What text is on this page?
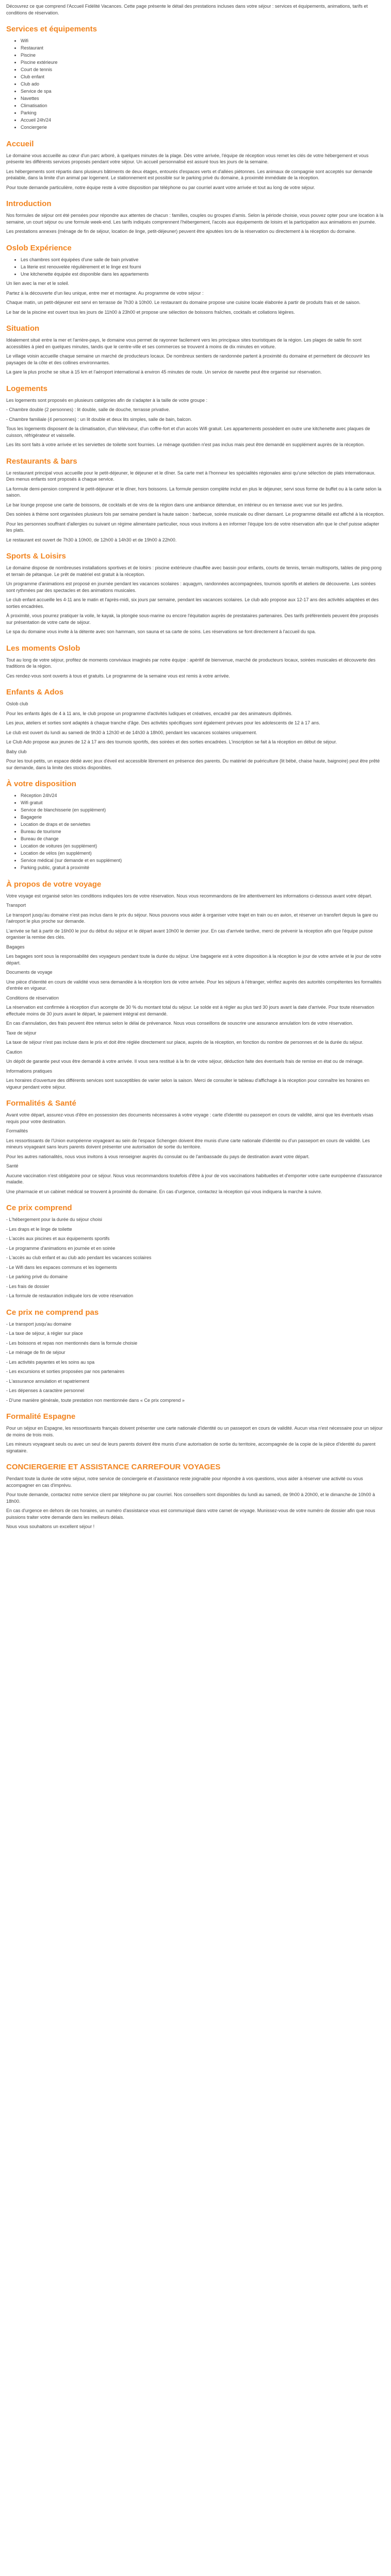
Découvrez ce que comprend l'Accueil Fidélité Vacances. Cette page présente le détail des prestations incluses dans votre séjour : services et équipements, animations, tarifs et conditions de réservation.

Services et équipements
• Wifi
• Restaurant
• Piscine
• Piscine extérieure
• Court de tennis
• Club enfant
• Club ado
• Service de spa
• Navettes
• Climatisation
• Parking
• Accueil 24h/24
• Conciergerie
Accueil

Le domaine vous accueille au cœur d'un parc arboré, à quelques minutes de la plage. Dès votre arrivée, l'équipe de réception vous remet les clés de votre hébergement et vous présente les différents services proposés pendant votre séjour. Un accueil personnalisé est assuré tous les jours de la semaine.

Les hébergements sont répartis dans plusieurs bâtiments de deux étages, entourés d'espaces verts et d'allées piétonnes. Les animaux de compagnie sont acceptés sur demande préalable, dans la limite d'un animal par logement. Le stationnement est possible sur le parking privé du domaine, à proximité immédiate de la réception.

Pour toute demande particulière, notre équipe reste à votre disposition par téléphone ou par courriel avant votre arrivée et tout au long de votre séjour.

Introduction

Nos formules de séjour ont été pensées pour répondre aux attentes de chacun : familles, couples ou groupes d'amis. Selon la période choisie, vous pouvez opter pour une location à la semaine, un court séjour ou une formule week-end. Les tarifs indiqués comprennent l'hébergement, l'accès aux équipements de loisirs et la participation aux animations en journée.

Les prestations annexes (ménage de fin de séjour, location de linge, petit-déjeuner) peuvent être ajoutées lors de la réservation ou directement à la réception du domaine.

Oslob Expérience
• Les chambres sont équipées d'une salle de bain privative
• La literie est renouvelée régulièrement et le linge est fourni
• Une kitchenette équipée est disponible dans les appartements

Un lien avec la mer et le soleil.

Partez à la découverte d'un lieu unique, entre mer et montagne. Au programme de votre séjour :

Chaque matin, un petit-déjeuner est servi en terrasse de 7h30 à 10h00. Le restaurant du domaine propose une cuisine locale élaborée à partir de produits frais et de saison.

Le bar de la piscine est ouvert tous les jours de 11h00 à 23h00 et propose une sélection de boissons fraîches, cocktails et collations légères.

Situation

Idéalement situé entre la mer et l'arrière-pays, le domaine vous permet de rayonner facilement vers les principaux sites touristiques de la région. Les plages de sable fin sont accessibles à pied en quelques minutes, tandis que le centre-ville et ses commerces se trouvent à moins de dix minutes en voiture.

Le village voisin accueille chaque semaine un marché de producteurs locaux. De nombreux sentiers de randonnée partent à proximité du domaine et permettent de découvrir les paysages de la côte et des collines environnantes.

La gare la plus proche se situe à 15 km et l'aéroport international à environ 45 minutes de route. Un service de navette peut être organisé sur réservation.

Logements

Les logements sont proposés en plusieurs catégories afin de s'adapter à la taille de votre groupe :

- Chambre double (2 personnes) : lit double, salle de douche, terrasse privative.

- Chambre familiale (4 personnes) : un lit double et deux lits simples, salle de bain, balcon.

Tous les logements disposent de la climatisation, d'un téléviseur, d'un coffre-fort et d'un accès Wifi gratuit. Les appartements possèdent en outre une kitchenette avec plaques de cuisson, réfrigérateur et vaisselle.

Les lits sont faits à votre arrivée et les serviettes de toilette sont fournies. Le ménage quotidien n'est pas inclus mais peut être demandé en supplément auprès de la réception.

Restaurants & bars

Le restaurant principal vous accueille pour le petit-déjeuner, le déjeuner et le dîner. Sa carte met à l'honneur les spécialités régionales ainsi qu'une sélection de plats internationaux. Des menus enfants sont proposés à chaque service.

La formule demi-pension comprend le petit-déjeuner et le dîner, hors boissons. La formule pension complète inclut en plus le déjeuner, servi sous forme de buffet ou à la carte selon la saison.

Le bar lounge propose une carte de boissons, de cocktails et de vins de la région dans une ambiance détendue, en intérieur ou en terrasse avec vue sur les jardins.

Des soirées à thème sont organisées plusieurs fois par semaine pendant la haute saison : barbecue, soirée musicale ou dîner dansant. Le programme détaillé est affiché à la réception.

Pour les personnes souffrant d'allergies ou suivant un régime alimentaire particulier, nous vous invitons à en informer l'équipe lors de votre réservation afin que le chef puisse adapter les plats.

Le restaurant est ouvert de 7h30 à 10h00, de 12h00 à 14h30 et de 19h00 à 22h00.

Sports & Loisirs

Le domaine dispose de nombreuses installations sportives et de loisirs : piscine extérieure chauffée avec bassin pour enfants, courts de tennis, terrain multisports, tables de ping-pong et terrain de pétanque. Le prêt de matériel est gratuit à la réception.

Un programme d'animations est proposé en journée pendant les vacances scolaires : aquagym, randonnées accompagnées, tournois sportifs et ateliers de découverte. Les soirées sont rythmées par des spectacles et des animations musicales.

Le club enfant accueille les 4-11 ans le matin et l'après-midi, six jours par semaine, pendant les vacances scolaires. Le club ado propose aux 12-17 ans des activités adaptées et des sorties encadrées.

À proximité, vous pourrez pratiquer la voile, le kayak, la plongée sous-marine ou encore l'équitation auprès de prestataires partenaires. Des tarifs préférentiels peuvent être proposés sur présentation de votre carte de séjour.

Le spa du domaine vous invite à la détente avec son hammam, son sauna et sa carte de soins. Les réservations se font directement à l'accueil du spa.

Les moments Oslob

Tout au long de votre séjour, profitez de moments conviviaux imaginés par notre équipe : apéritif de bienvenue, marché de producteurs locaux, soirées musicales et découverte des traditions de la région.

Ces rendez-vous sont ouverts à tous et gratuits. Le programme de la semaine vous est remis à votre arrivée.

Enfants & Ados

Oslob club

Pour les enfants âgés de 4 à 11 ans, le club propose un programme d'activités ludiques et créatives, encadré par des animateurs diplômés.

Les jeux, ateliers et sorties sont adaptés à chaque tranche d'âge. Des activités spécifiques sont également prévues pour les adolescents de 12 à 17 ans.

Le club est ouvert du lundi au samedi de 9h30 à 12h30 et de 14h30 à 18h00, pendant les vacances scolaires uniquement.

Le Club Ado propose aux jeunes de 12 à 17 ans des tournois sportifs, des soirées et des sorties encadrées. L'inscription se fait à la réception en début de séjour.

Baby club

Pour les tout-petits, un espace dédié avec jeux d'éveil est accessible librement en présence des parents. Du matériel de puériculture (lit bébé, chaise haute, baignoire) peut être prêté sur demande, dans la limite des stocks disponibles.

À votre disposition
• Réception 24h/24
• Wifi gratuit
• Service de blanchisserie (en supplément)
• Bagagerie
• Location de draps et de serviettes
• Bureau de tourisme
• Bureau de change
• Location de voitures (en supplément)
• Location de vélos (en supplément)
• Service médical (sur demande et en supplément)
• Parking public, gratuit à proximité
À propos de votre voyage

Votre voyage est organisé selon les conditions indiquées lors de votre réservation. Nous vous recommandons de lire attentivement les informations ci-dessous avant votre départ.

Transport

Le transport jusqu'au domaine n'est pas inclus dans le prix du séjour. Nous pouvons vous aider à organiser votre trajet en train ou en avion, et réserver un transfert depuis la gare ou l'aéroport le plus proche sur demande.

L'arrivée se fait à partir de 16h00 le jour du début du séjour et le départ avant 10h00 le dernier jour. En cas d'arrivée tardive, merci de prévenir la réception afin que l'équipe puisse organiser la remise des clés.

Bagages

Les bagages sont sous la responsabilité des voyageurs pendant toute la durée du séjour. Une bagagerie est à votre disposition à la réception le jour de votre arrivée et le jour de votre départ.

Documents de voyage

Une pièce d'identité en cours de validité vous sera demandée à la réception lors de votre arrivée. Pour les séjours à l'étranger, vérifiez auprès des autorités compétentes les formalités d'entrée en vigueur.

Conditions de réservation

La réservation est confirmée à réception d'un acompte de 30 % du montant total du séjour. Le solde est à régler au plus tard 30 jours avant la date d'arrivée. Pour toute réservation effectuée moins de 30 jours avant le départ, le paiement intégral est demandé.

En cas d'annulation, des frais peuvent être retenus selon le délai de prévenance. Nous vous conseillons de souscrire une assurance annulation lors de votre réservation.

Taxe de séjour

La taxe de séjour n'est pas incluse dans le prix et doit être réglée directement sur place, auprès de la réception, en fonction du nombre de personnes et de la durée du séjour.

Caution

Un dépôt de garantie peut vous être demandé à votre arrivée. Il vous sera restitué à la fin de votre séjour, déduction faite des éventuels frais de remise en état ou de ménage.

Informations pratiques

Les horaires d'ouverture des différents services sont susceptibles de varier selon la saison. Merci de consulter le tableau d'affichage à la réception pour connaître les horaires en vigueur pendant votre séjour.

Formalités & Santé

Avant votre départ, assurez-vous d'être en possession des documents nécessaires à votre voyage : carte d'identité ou passeport en cours de validité, ainsi que les éventuels visas requis pour votre destination.

Formalités

Les ressortissants de l'Union européenne voyageant au sein de l'espace Schengen doivent être munis d'une carte nationale d'identité ou d'un passeport en cours de validité. Les mineurs voyageant sans leurs parents doivent présenter une autorisation de sortie du territoire.

Pour les autres nationalités, nous vous invitons à vous renseigner auprès du consulat ou de l'ambassade du pays de destination avant votre départ.

Santé

Aucune vaccination n'est obligatoire pour ce séjour. Nous vous recommandons toutefois d'être à jour de vos vaccinations habituelles et d'emporter votre carte européenne d'assurance maladie.

Une pharmacie et un cabinet médical se trouvent à proximité du domaine. En cas d'urgence, contactez la réception qui vous indiquera la marche à suivre.

Ce prix comprend

- L'hébergement pour la durée du séjour choisi

- Les draps et le linge de toilette

- L'accès aux piscines et aux équipements sportifs

- Le programme d'animations en journée et en soirée

- L'accès au club enfant et au club ado pendant les vacances scolaires

- Le Wifi dans les espaces communs et les logements

- Le parking privé du domaine

- Les frais de dossier

- La formule de restauration indiquée lors de votre réservation

Ce prix ne comprend pas

- Le transport jusqu'au domaine

- La taxe de séjour, à régler sur place

- Les boissons et repas non mentionnés dans la formule choisie

- Le ménage de fin de séjour

- Les activités payantes et les soins au spa

- Les excursions et sorties proposées par nos partenaires

- L'assurance annulation et rapatriement

- Les dépenses à caractère personnel

- D'une manière générale, toute prestation non mentionnée dans « Ce prix comprend »

Formalité Espagne

Pour un séjour en Espagne, les ressortissants français doivent présenter une carte nationale d'identité ou un passeport en cours de validité. Aucun visa n'est nécessaire pour un séjour de moins de trois mois.

Les mineurs voyageant seuls ou avec un seul de leurs parents doivent être munis d'une autorisation de sortie du territoire, accompagnée de la copie de la pièce d'identité du parent signataire.

CONCIERGERIE ET ASSISTANCE CARREFOUR VOYAGES

Pendant toute la durée de votre séjour, notre service de conciergerie et d'assistance reste joignable pour répondre à vos questions, vous aider à réserver une activité ou vous accompagner en cas d'imprévu.

Pour toute demande, contactez notre service client par téléphone ou par courriel. Nos conseillers sont disponibles du lundi au samedi, de 9h00 à 20h00, et le dimanche de 10h00 à 18h00.

En cas d'urgence en dehors de ces horaires, un numéro d'assistance vous est communiqué dans votre carnet de voyage. Munissez-vous de votre numéro de dossier afin que nous puissions traiter votre demande dans les meilleurs délais.

Nous vous souhaitons un excellent séjour !
